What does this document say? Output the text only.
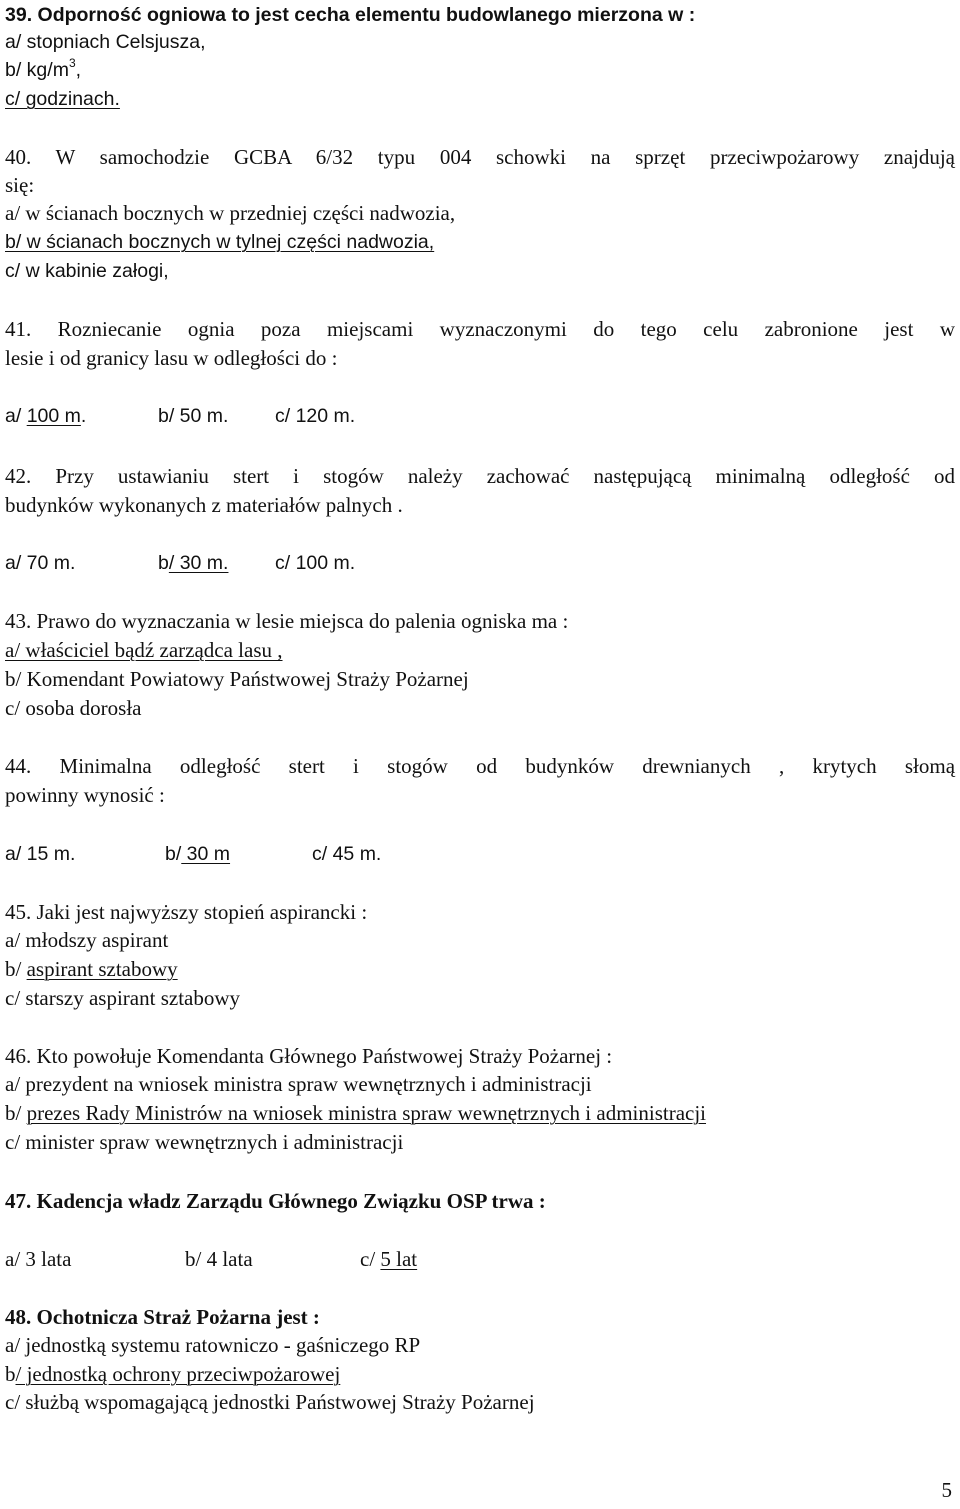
39. Odporność ogniowa to jest cecha elementu budowlanego mierzona w :
a/ stopniach Celsjusza,
b/ $kg/m^3$,
c/ godzinach.
40. W samochodzie GCBA 6/32 typu 004 schowki na sprzęt przeciwpożarowy znajdują
się:
a/ w ścianach bocznych w przedniej części nadwozia,
b/ w ścianach bocznych w tylnej części nadwozia,
c/ w kabinie załogi,
41. Rozniecanie ognia poza miejscami wyznaczonymi do tego celu zabronione jest w
lesie i od granicy lasu w odległości do :
a/ 100 m.	b/ 50 m. c/ 120 m.
42. Przy ustawianiu stert i stogów należy zachować następującą minimalną odległość od
budynków wykonanych z materiałów palnych .
a/ 70 m.	b/ 30 m. c/ 100 m.
43. Prawo do wyznaczania w lesie miejsca do palenia ogniska ma :
a/ właściciel bądź zarządca lasu ,
b/ Komendant Powiatowy Państwowej Straży Pożarnej
c/ osoba dorosła
44. Minimalna odległość stert i stogów od budynków drewnianych , krytych słomą
powinny wynosić :
a/ 15 m.	b/ 30 m	c/ 45 m.
45. Jaki jest najwyższy stopień aspirancki :
a/ młodszy aspirant
b/ aspirant sztabowy
c/ starszy aspirant sztabowy
46. Kto powołuje Komendanta Głównego Państwowej Straży Pożarnej :
a/ prezydent na wniosek ministra spraw wewnętrznych i administracji
b/ prezes Rady Ministrów na wniosek ministra spraw wewnętrznych i administracji
c/ minister spraw wewnętrznych i administracji
47. Kadencja władz Zarządu Głównego Związku OSP trwa :
a/ 3 lata	b/ 4 lata	c/ 5 lat
48. Ochotnicza Straż Pożarna jest :
a/ jednostką systemu ratowniczo - gaśniczego RP
b/ jednostką ochrony przeciwpożarowej
c/ służbą wspomagającą jednostki Państwowej Straży Pożarnej
5
